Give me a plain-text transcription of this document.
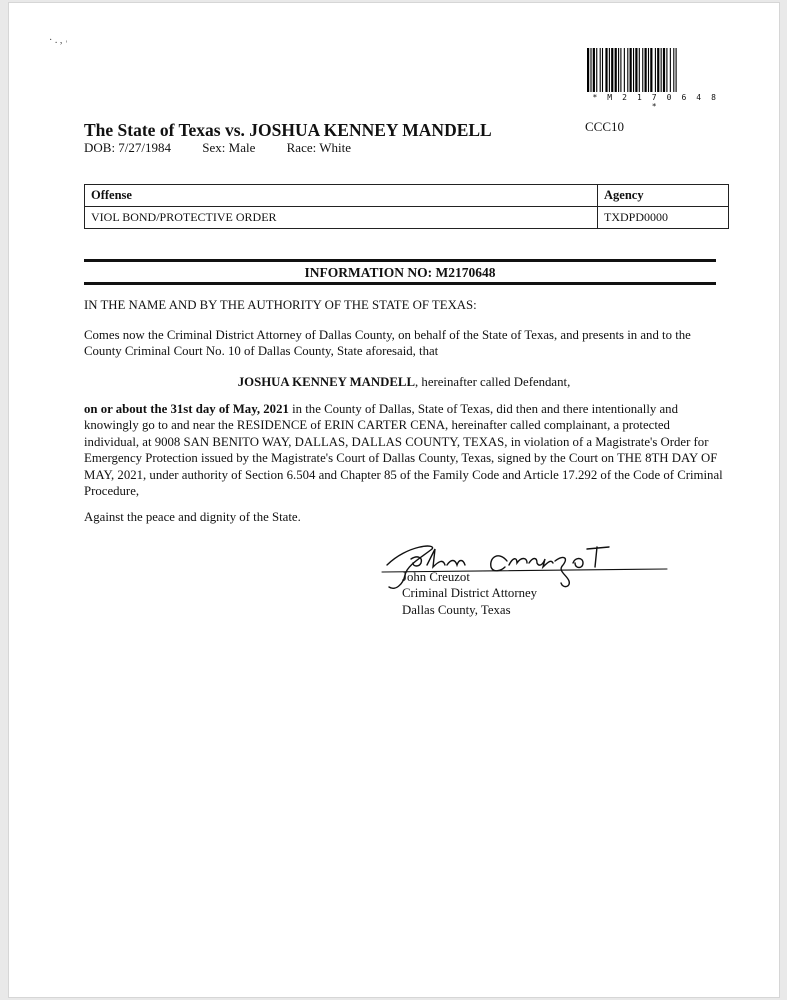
· . , ˒
* M 2 1 7 0 6 4 8 *
CCC10
The State of Texas vs. JOSHUA KENNEY MANDELL
DOB: 7/27/1984 Sex: Male Race: White
Offense	Agency
VIOL BOND/PROTECTIVE ORDER	TXDPD0000
INFORMATION NO: M2170648
IN THE NAME AND BY THE AUTHORITY OF THE STATE OF TEXAS:
Comes now the Criminal District Attorney of Dallas County, on behalf of the State of Texas, and presents in and to the County Criminal Court No. 10 of Dallas County, State aforesaid, that
JOSHUA KENNEY MANDELL, hereinafter called Defendant,
on or about the 31st day of May, 2021 in the County of Dallas, State of Texas, did then and there intentionally and knowingly go to and near the RESIDENCE of ERIN CARTER CENA, hereinafter called complainant, a protected individual, at 9008 SAN BENITO WAY, DALLAS, DALLAS COUNTY, TEXAS, in violation of a Magistrate's Order for Emergency Protection issued by the Magistrate's Court of Dallas County, Texas, signed by the Court on THE 8TH DAY OF MAY, 2021, under authority of Section 6.504 and Chapter 85 of the Family Code and Article 17.292 of the Code of Criminal Procedure,
Against the peace and dignity of the State.
John Creuzot
Criminal District Attorney
Dallas County, Texas
